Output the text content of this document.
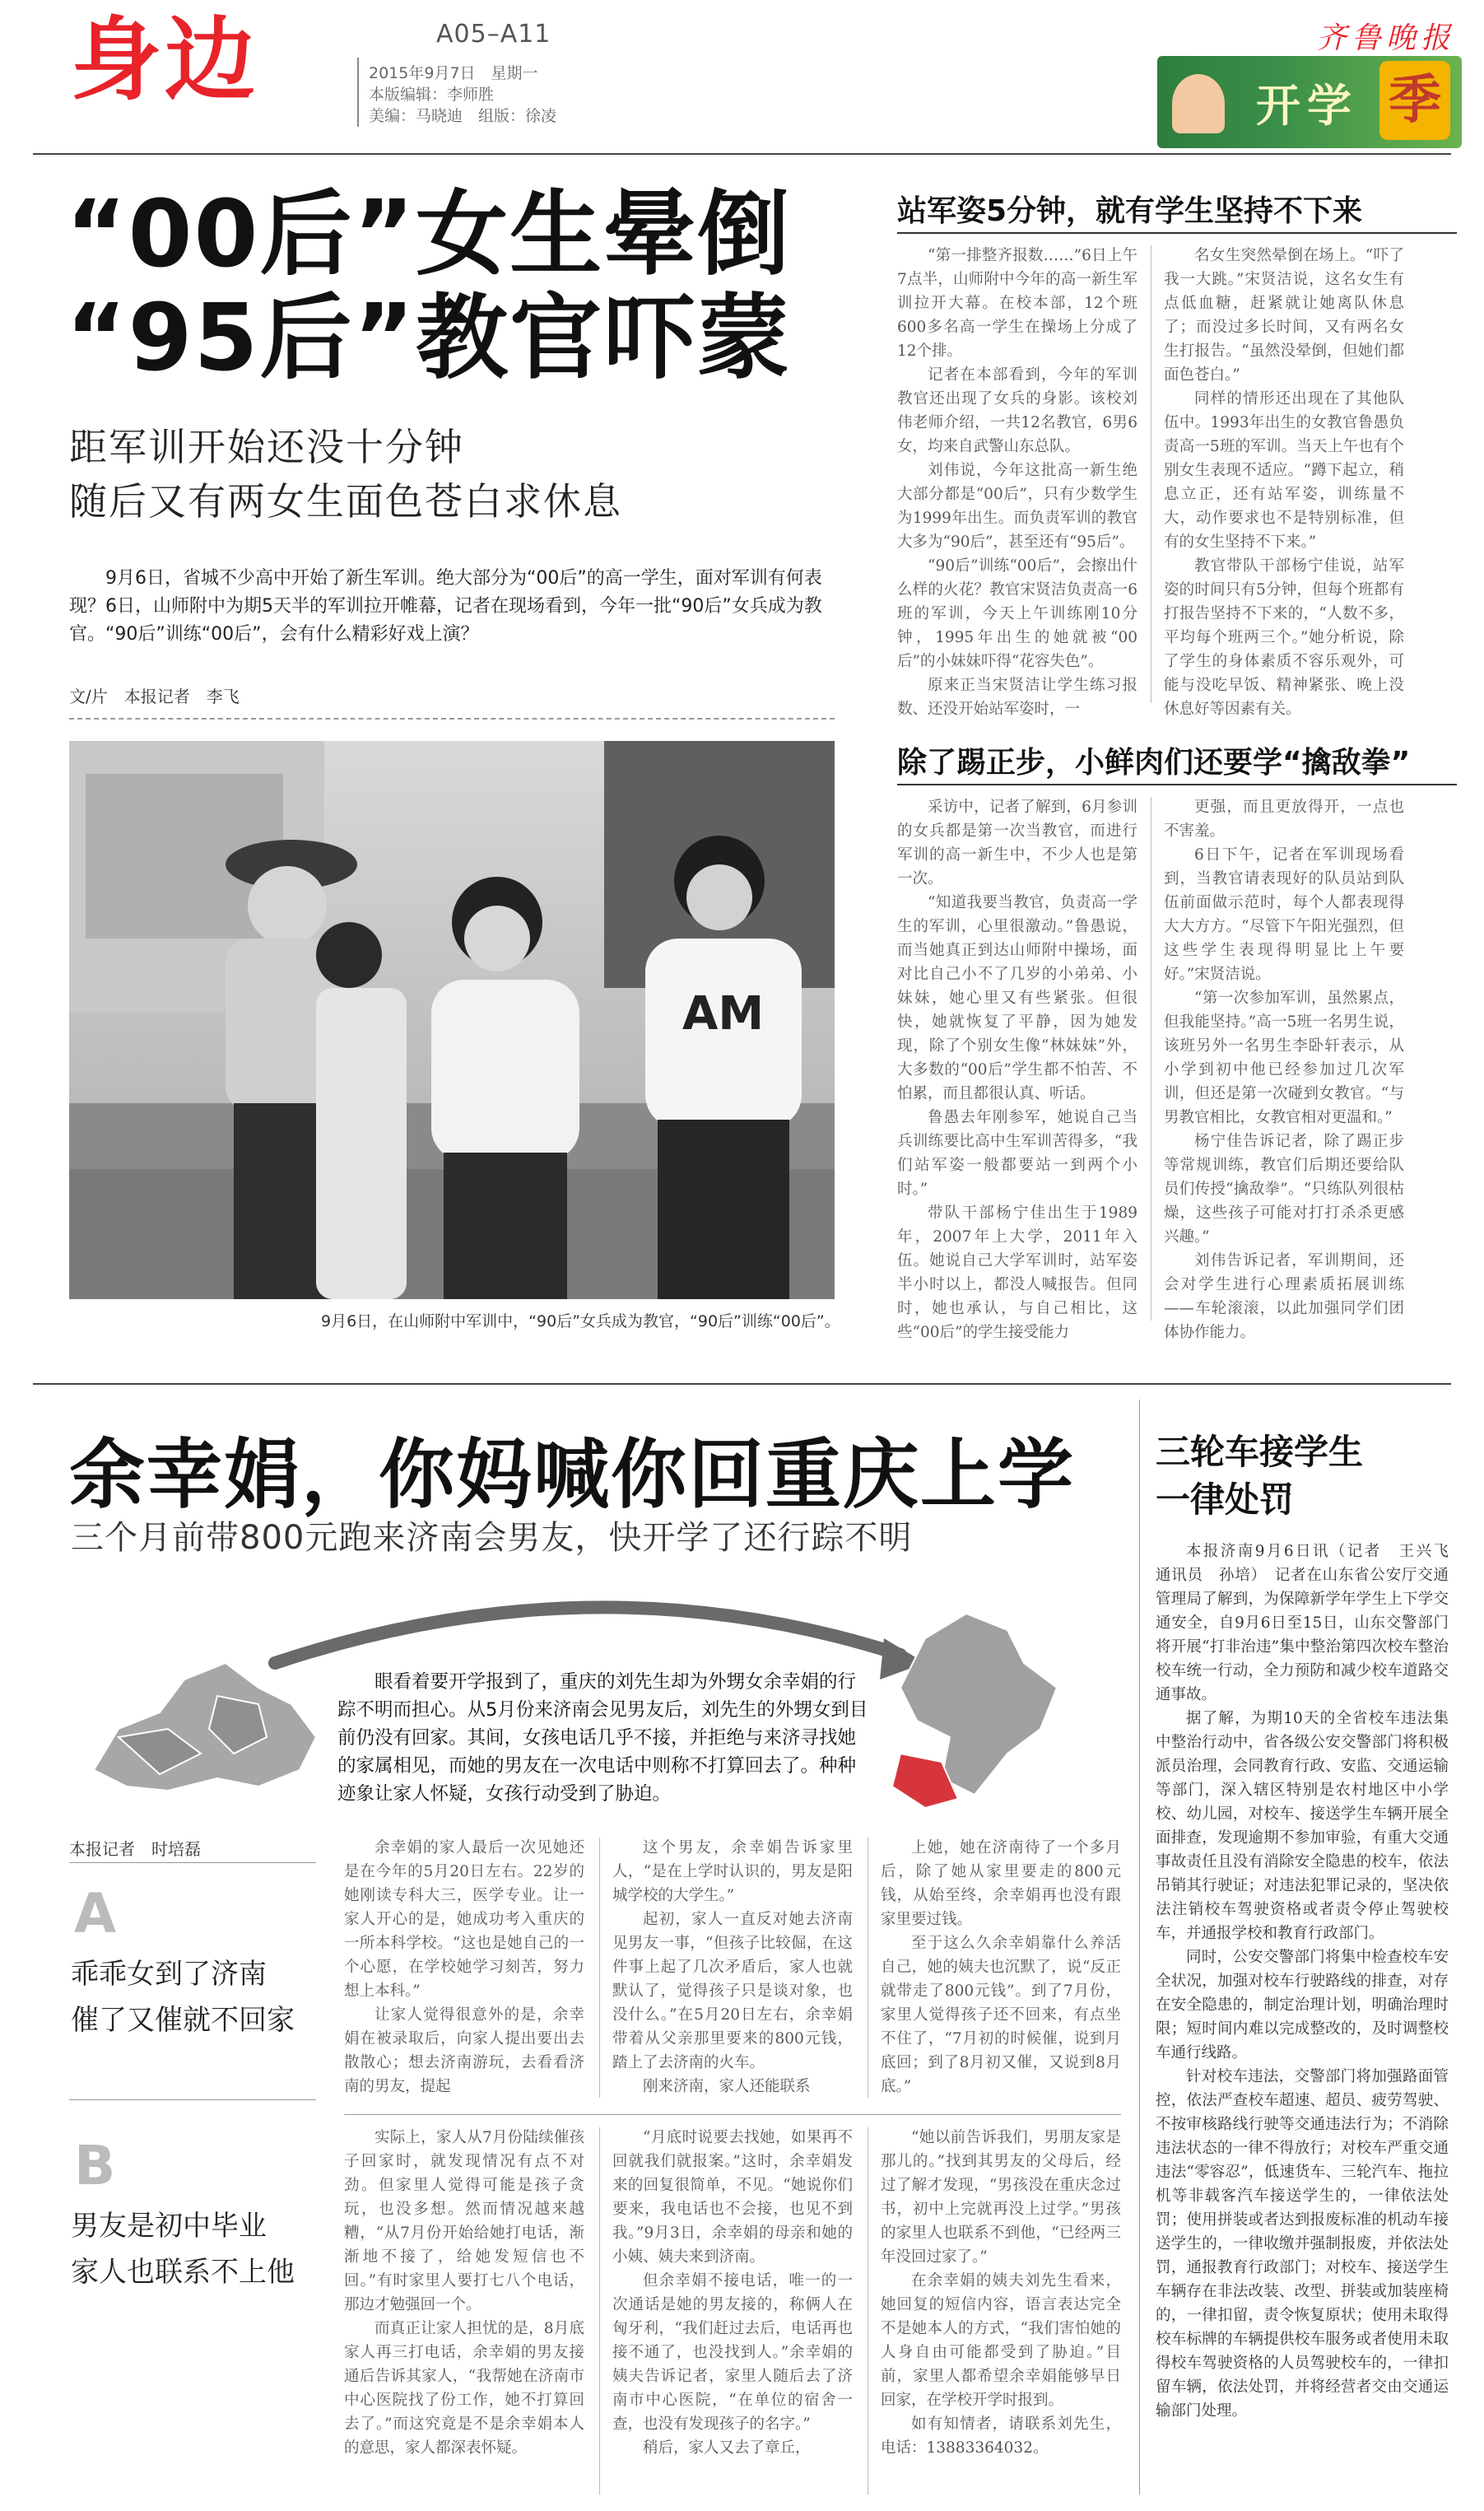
身边	A05–A11
2015年9月7日　星期一
本版编辑：李师胜
美编：马晓迪　组版：徐凌
齐鲁晚报
开学 季
“00后”女生晕倒
“95后”教官吓蒙
距军训开始还没十分钟
随后又有两女生面色苍白求休息
9月6日，省城不少高中开始了新生军训。绝大部分为“00后”的高一学生，面对军训有何表现？6日，山师附中为期5天半的军训拉开帷幕，记者在现场看到，今年一批“90后”女兵成为教官。“90后”训练“00后”，会有什么精彩好戏上演？
文/片　本报记者　李飞
AM
9月6日，在山师附中军训中，“90后”女兵成为教官，“90后”训练“00后”。
站军姿5分钟，就有学生坚持不下来

“第一排整齐报数……”6日上午7点半，山师附中今年的高一新生军训拉开大幕。在校本部，12个班600多名高一学生在操场上分成了12个排。

记者在本部看到，今年的军训教官还出现了女兵的身影。该校刘伟老师介绍，一共12名教官，6男6女，均来自武警山东总队。

刘伟说，今年这批高一新生绝大部分都是“00后”，只有少数学生为1999年出生。而负责军训的教官大多为“90后”，甚至还有“95后”。

“90后”训练“00后”，会擦出什么样的火花？教官宋贤洁负责高一6班的军训，今天上午训练刚10分钟，1995年出生的她就被“00后”的小妹妹吓得“花容失色”。

原来正当宋贤洁让学生练习报数、还没开始站军姿时，一

名女生突然晕倒在场上。“吓了我一大跳。”宋贤洁说，这名女生有点低血糖，赶紧就让她离队休息了；而没过多长时间，又有两名女生打报告。“虽然没晕倒，但她们都面色苍白。”

同样的情形还出现在了其他队伍中。1993年出生的女教官鲁愚负责高一5班的军训。当天上午也有个别女生表现不适应。“蹲下起立，稍息立正，还有站军姿，训练量不大，动作要求也不是特别标准，但有的女生坚持不下来。”

教官带队干部杨宁佳说，站军姿的时间只有5分钟，但每个班都有打报告坚持不下来的，“人数不多，平均每个班两三个。”她分析说，除了学生的身体素质不容乐观外，可能与没吃早饭、精神紧张、晚上没休息好等因素有关。

除了踢正步，小鲜肉们还要学“擒敌拳”

采访中，记者了解到，6月参训的女兵都是第一次当教官，而进行军训的高一新生中，不少人也是第一次。

“知道我要当教官，负责高一学生的军训，心里很激动。”鲁愚说，而当她真正到达山师附中操场，面对比自己小不了几岁的小弟弟、小妹妹，她心里又有些紧张。但很快，她就恢复了平静，因为她发现，除了个别女生像“林妹妹”外，大多数的“00后”学生都不怕苦、不怕累，而且都很认真、听话。

鲁愚去年刚参军，她说自己当兵训练要比高中生军训苦得多，“我们站军姿一般都要站一到两个小时。”

带队干部杨宁佳出生于1989年，2007年上大学，2011年入伍。她说自己大学军训时，站军姿半小时以上，都没人喊报告。但同时，她也承认，与自己相比，这些“00后”的学生接受能力

更强，而且更放得开，一点也不害羞。

6日下午，记者在军训现场看到，当教官请表现好的队员站到队伍前面做示范时，每个人都表现得大大方方。“尽管下午阳光强烈，但这些学生表现得明显比上午要好。”宋贤洁说。

“第一次参加军训，虽然累点，但我能坚持。”高一5班一名男生说，该班另外一名男生李卧轩表示，从小学到初中他已经参加过几次军训，但还是第一次碰到女教官。“与男教官相比，女教官相对更温和。”

杨宁佳告诉记者，除了踢正步等常规训练，教官们后期还要给队员们传授“擒敌拳”。“只练队列很枯燥，这些孩子可能对打打杀杀更感兴趣。”

刘伟告诉记者，军训期间，还会对学生进行心理素质拓展训练——车轮滚滚，以此加强同学们团体协作能力。

余幸娟，你妈喊你回重庆上学
三个月前带800元跑来济南会男友，快开学了还行踪不明
眼看着要开学报到了，重庆的刘先生却为外甥女余幸娟的行踪不明而担心。从5月份来济南会见男友后，刘先生的外甥女到目前仍没有回家。其间，女孩电话几乎不接，并拒绝与来济寻找她的家属相见，而她的男友在一次电话中则称不打算回去了。种种迹象让家人怀疑，女孩行动受到了胁迫。
本报记者　时培磊
A
乖乖女到了济南
催了又催就不回家
B
男友是初中毕业
家人也联系不上他

余幸娟的家人最后一次见她还是在今年的5月20日左右。22岁的她刚读专科大三，医学专业。让一家人开心的是，她成功考入重庆的一所本科学校。“这也是她自己的一个心愿，在学校她学习刻苦，努力想上本科。”

让家人觉得很意外的是，余幸娟在被录取后，向家人提出要出去散散心；想去济南游玩，去看看济南的男友，提起

这个男友，余幸娟告诉家里人，“是在上学时认识的，男友是阳城学校的大学生。”

起初，家人一直反对她去济南见男友一事，“但孩子比较倔，在这件事上起了几次矛盾后，家人也就默认了，觉得孩子只是谈对象，也没什么。”在5月20日左右，余幸娟带着从父亲那里要来的800元钱，踏上了去济南的火车。

刚来济南，家人还能联系

上她，她在济南待了一个多月后，除了她从家里要走的800元钱，从始至终，余幸娟再也没有跟家里要过钱。

至于这么久余幸娟靠什么养活自己，她的姨夫也沉默了，说“反正就带走了800元钱”。到了7月份，家里人觉得孩子还不回来，有点坐不住了，“7月初的时候催，说到月底回；到了8月初又催，又说到8月底。”

实际上，家人从7月份陆续催孩子回家时，就发现情况有点不对劲。但家里人觉得可能是孩子贪玩，也没多想。然而情况越来越糟，“从7月份开始给她打电话，渐渐地不接了，给她发短信也不回。”有时家里人要打七八个电话，那边才勉强回一个。

而真正让家人担忧的是，8月底家人再三打电话，余幸娟的男友接通后告诉其家人，“我帮她在济南市中心医院找了份工作，她不打算回去了。”而这究竟是不是余幸娟本人的意思，家人都深表怀疑。

“月底时说要去找她，如果再不回就我们就报案。”这时，余幸娟发来的回复很简单，不见。“她说你们要来，我电话也不会接，也见不到我。”9月3日，余幸娟的母亲和她的小姨、姨夫来到济南。

但余幸娟不接电话，唯一的一次通话是她的男友接的，称俩人在匈牙利，“我们赶过去后，电话再也接不通了，也没找到人。”余幸娟的姨夫告诉记者，家里人随后去了济南市中心医院，“在单位的宿舍一查，也没有发现孩子的名字。”

稍后，家人又去了章丘，

“她以前告诉我们，男朋友家是那儿的。”找到其男友的父母后，经过了解才发现，“男孩没在重庆念过书，初中上完就再没上过学。”男孩的家里人也联系不到他，“已经两三年没回过家了。”

在余幸娟的姨夫刘先生看来，她回复的短信内容，语言表达完全不是她本人的方式，“我们害怕她的人身自由可能都受到了胁迫。”目前，家里人都希望余幸娟能够早日回家，在学校开学时报到。

如有知情者，请联系刘先生，电话：13883364032。

三轮车接学生
一律处罚

本报济南9月6日讯（记者　王兴飞　通讯员　孙培）　记者在山东省公安厅交通管理局了解到，为保障新学年学生上下学交通安全，自9月6日至15日，山东交警部门将开展“打非治违”集中整治第四次校车整治校车统一行动，全力预防和减少校车道路交通事故。

据了解，为期10天的全省校车违法集中整治行动中，省各级公安交警部门将积极派员治理，会同教育行政、安监、交通运输等部门，深入辖区特别是农村地区中小学校、幼儿园，对校车、接送学生车辆开展全面排查，发现逾期不参加审验，有重大交通事故责任且没有消除安全隐患的校车，依法吊销其行驶证；对违法犯罪记录的，坚决依法注销校车驾驶资格或者责令停止驾驶校车，并通报学校和教育行政部门。

同时，公安交警部门将集中检查校车安全状况，加强对校车行驶路线的排查，对存在安全隐患的，制定治理计划，明确治理时限；短时间内难以完成整改的，及时调整校车通行线路。

针对校车违法，交警部门将加强路面管控，依法严查校车超速、超员、疲劳驾驶、不按审核路线行驶等交通违法行为；不消除违法状态的一律不得放行；对校车严重交通违法“零容忍”，低速货车、三轮汽车、拖拉机等非载客汽车接送学生的，一律依法处罚；使用拼装或者达到报废标准的机动车接送学生的，一律收缴并强制报废，并依法处罚，通报教育行政部门；对校车、接送学生车辆存在非法改装、改型、拼装或加装座椅的，一律扣留，责令恢复原状；使用未取得校车标牌的车辆提供校车服务或者使用未取得校车驾驶资格的人员驾驶校车的，一律扣留车辆，依法处罚，并将经营者交由交通运输部门处理。
